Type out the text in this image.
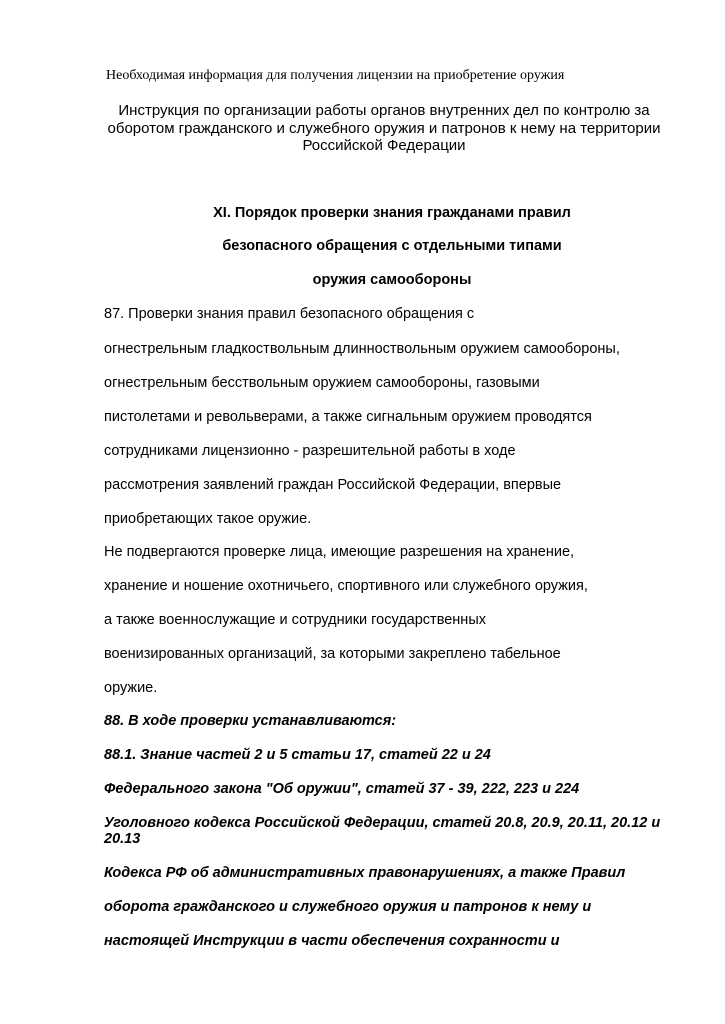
Необходимая информация для получения лицензии на приобретение оружия
Инструкция по организации работы органов внутренних дел по контролю за
оборотом гражданского и служебного оружия и патронов к нему на территории
Российской Федерации
XI. Порядок проверки знания гражданами правил
безопасного обращения с отдельными типами
оружия самообороны
87. Проверки знания правил безопасного обращения с
огнестрельным гладкоствольным длинноствольным оружием самообороны,
огнестрельным бесствольным оружием самообороны, газовыми
пистолетами и револьверами, а также сигнальным оружием проводятся
сотрудниками лицензионно - разрешительной работы в ходе
рассмотрения заявлений граждан Российской Федерации, впервые
приобретающих такое оружие.
Не подвергаются проверке лица, имеющие разрешения на хранение,
хранение и ношение охотничьего, спортивного или служебного оружия,
а также военнослужащие и сотрудники государственных
военизированных организаций, за которыми закреплено табельное
оружие.
88. В ходе проверки устанавливаются:
88.1. Знание частей 2 и 5 статьи 17, статей 22 и 24
Федерального закона "Об оружии", статей 37 - 39, 222, 223 и 224
Уголовного кодекса Российской Федерации, статей 20.8, 20.9, 20.11, 20.12 и
20.13
Кодекса РФ об административных правонарушениях, а также Правил
оборота гражданского и служебного оружия и патронов к нему и
настоящей Инструкции в части обеспечения сохранности и
